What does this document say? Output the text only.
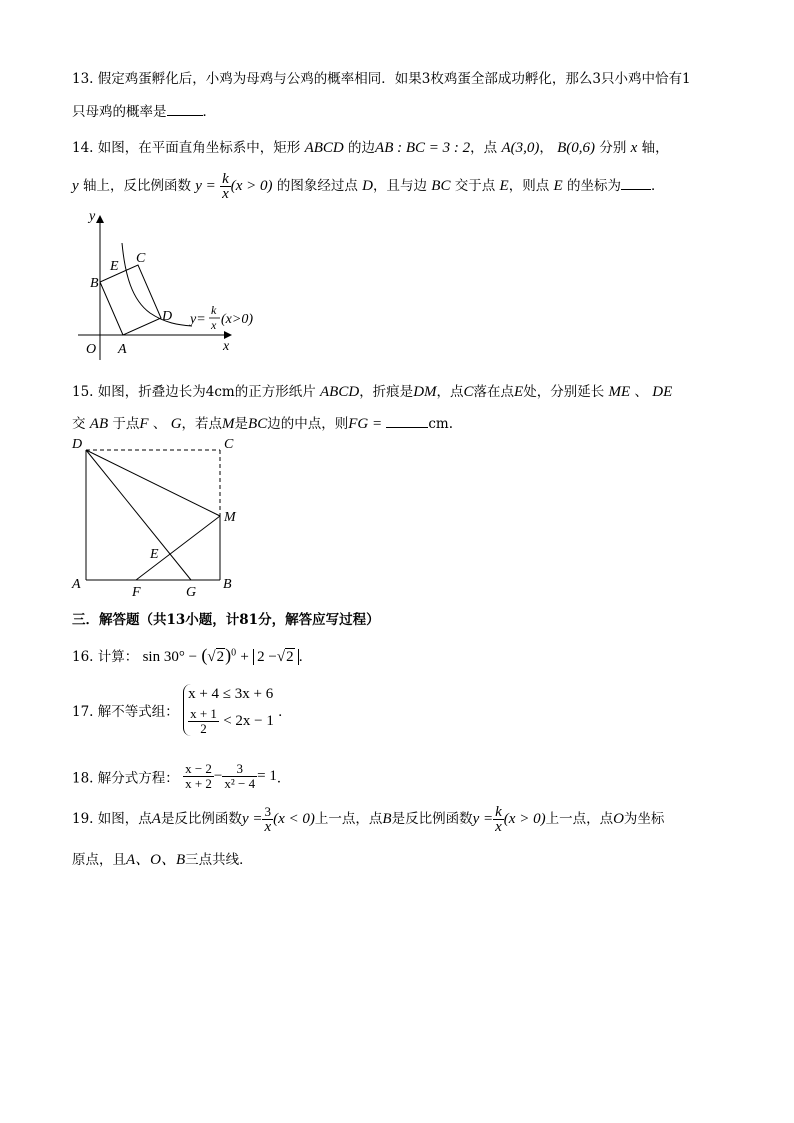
13. 假定鸡蛋孵化后，小鸡为母鸡与公鸡的概率相同．如果3枚鸡蛋全部成功孵化，那么3只小鸡中恰有1
只母鸡的概率是	．
14. 如图，在平面直角坐标系中，矩形 ABCD 的边AB : BC = 3 : 2，点 A(3,0)， B(0,6) 分别 x 轴，
y 轴上，反比例函数 $y = \frac{k}{x} (x > 0)$ 的图象经过点 D，且与边 BC 交于点 E，则点 E 的坐标为 ．
y
x
O A
B
E
C
D y=
k
x (x>0)
15. 如图，折叠边长为4cm的正方形纸片 ABCD，折痕是DM，点C落在点E处，分别延长 ME 、 DE
交 AB 于点F 、 G，若点M是BC边的中点，则FG =	cm.
D	C
M
E
A
F	G
B
三．解答题（共13小题，计81分，解答应写过程）
16. 计算： $\sin 30^\circ - (√2)^0 + 2 -√2$ ．
17. 解不等式组：
x + 4 ≤ 3x + 6
$\frac{x + 1}{2} < 2x - 1$
．
18. 解分式方程： $\frac{x - 2}{x + 2} - \frac{3}{\text{x² − 4}} = 1$．
19. 如图，点A是反比例函数$y = \frac{3}{x} (x < 0)$上一点，点B是反比例函数$y = \frac{k}{x} (x > 0)$上一点，点O为坐标
原点，且A、O、B三点共线．
